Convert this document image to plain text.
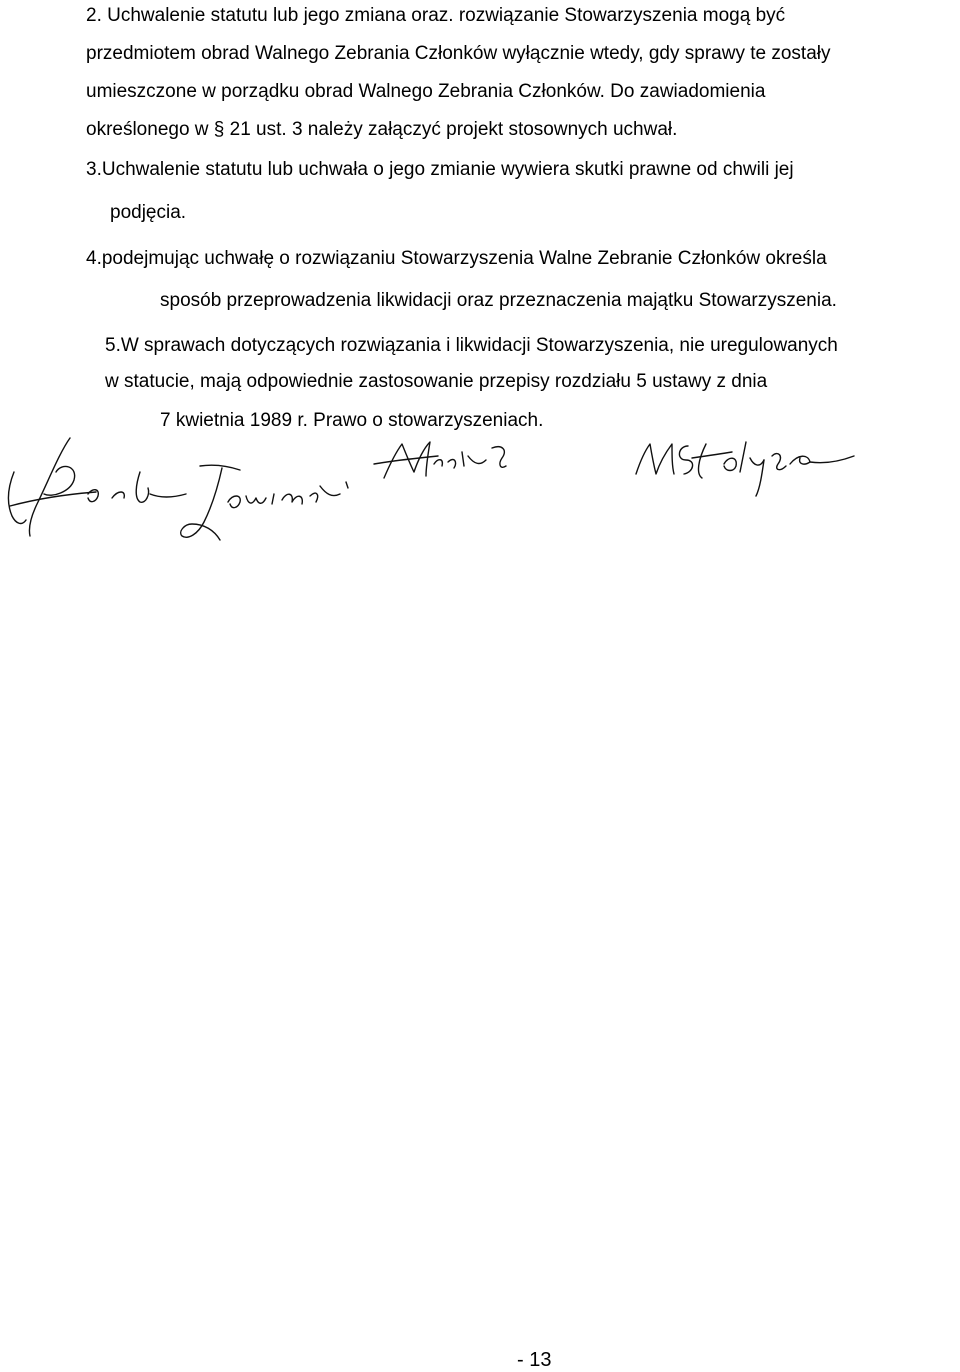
2. Uchwalenie statutu lub jego zmiana oraz. rozwiązanie Stowarzyszenia mogą być
przedmiotem obrad Walnego Zebrania Członków wyłącznie wtedy, gdy sprawy te zostały
umieszczone w porządku obrad Walnego Zebrania Członków. Do zawiadomienia
określonego w § 21 ust. 3 należy załączyć projekt stosownych uchwał.
3.Uchwalenie statutu lub uchwała o jego zmianie wywiera skutki prawne od chwili jej
podjęcia.
4.podejmując uchwałę o rozwiązaniu Stowarzyszenia Walne Zebranie Członków określa
sposób przeprowadzenia likwidacji oraz przeznaczenia majątku Stowarzyszenia.
5.W sprawach dotyczących rozwiązania i likwidacji Stowarzyszenia, nie uregulowanych
w statucie, mają odpowiednie zastosowanie przepisy rozdziału 5 ustawy z dnia
7 kwietnia 1989 r. Prawo o stowarzyszeniach.
- 13
